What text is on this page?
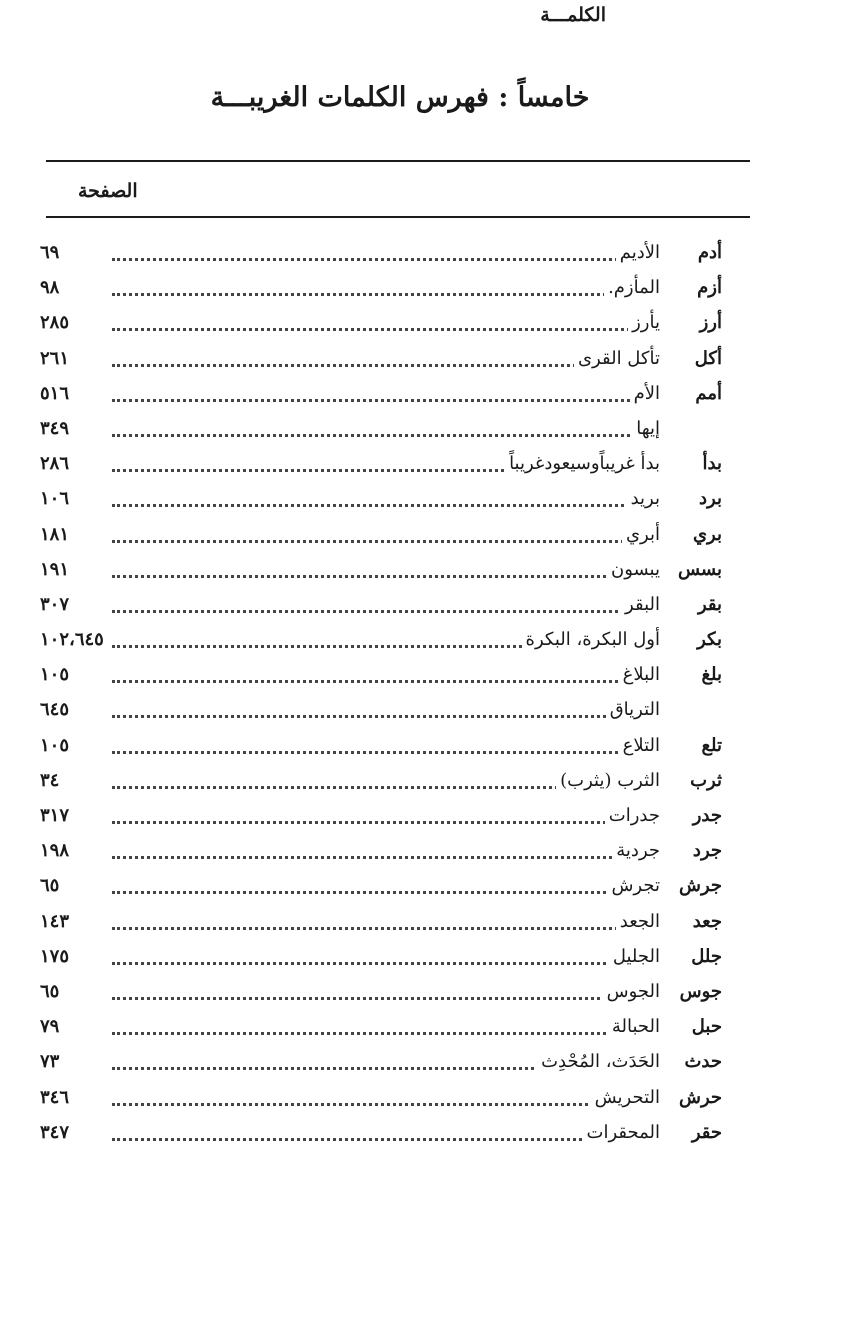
خامساً : فهرس الكلمات الغريبـــة
الكلمـــة
الصفحة
أدم
الأديم
٦٩
أزم
المأزم.
٩٨
أرز
يأرز
٢٨٥
أكل
تأكل القرى
٢٦١
أمم
الأم
٥١٦
إيها
٣٤٩
بدأ
بدأ غريباًوسيعودغريباً
٢٨٦
برد
بريد
١٠٦
بري
أبري
١٨١
بسس
يبسون
١٩١
بقر
البقر
٣٠٧
بكر
أول البكرة، البكرة
١٠٢،٦٤٥
بلغ
البلاغ
١٠٥
الترياق
٦٤٥
تلع
التلاع
١٠٥
ثرب
الثرب (يثرب)
٣٤
جدر
جدرات
٣١٧
جرد
جردية
١٩٨
جرش
تجرش
٦٥
جعد
الجعد
١٤٣
جلل
الجليل
١٧٥
جوس
الجوس
٦٥
حبل
الحبالة
٧٩
حدث
الحَدَث، المُحْدِث
٧٣
حرش
التحريش
٣٤٦
حقر
المحقرات
٣٤٧
